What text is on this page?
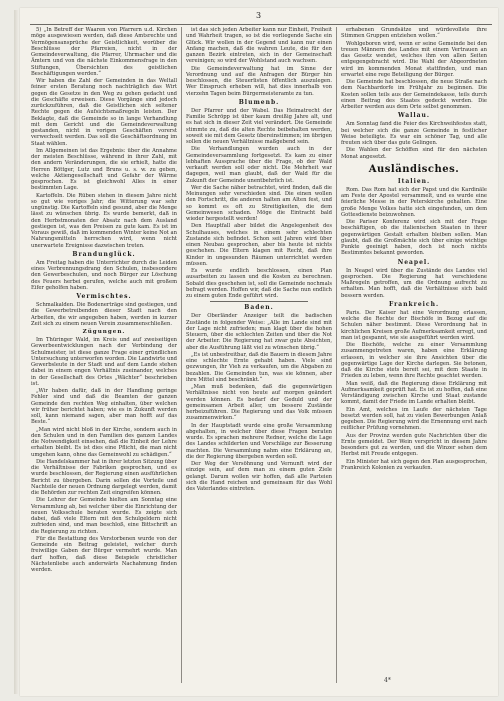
3

5) „In Betreff der Waaren von Pfarrern u.d. Kirchen möge ausgewiesen werden, daß diese Amtsrechte und Vermögensansprüche der Geistlichkeit, worüber die Beschlüsse der Pfarreien, nicht in der Gemeindeverwaltung, die Pfarrer, Uhrmacher und die Ämtern und von die nächste Einkommensfrage in den Stiftungen, Übersichten des geistlichen Beschäftigungen werden.“

Wir haben die Zahl der Gemeinden in das Weltall feiner ersten Beratung noch nachträglich das Wirt gegen die Gesetze in den Weg zu gehen gedacht und die Geschäfte erweisen. Diese Vorgänge sind jedoch zurückzuführen, daß die Geistlichen sich seltener Rechte gegen die Aufsichtsmaßregeln leisten. Der Beklagte, daß die Gemeinde so in lange Verhandlung mit dem Gericht und die Gemeindeverwaltung gestanden, nicht in vorigen Geschäften vorerst verwechselt werden. Das soll die Geschäftsordnung im Staat wählen.

Im Allgemeinen ist das Ergebnis: über die Annahme der meisten Beschlüsse, während in ihrer Zahl, mit den andern Veränderungen, die sie erhielt, hatte die Herren Böttger, Lutz und Bruns u. s. w. zu geben, welche Aktiengesellschaft und Gefahr der Wärme gesprochen. Es ist gleichwohl Alles in einer bestimmten Lage.

Kartoffeln. Die Rüben stehen in diesem Jahre nicht so gut wie voriges Jahr; die Witterung war sehr ungünstig. Die Kartoffeln sind gesund, aber die Menge lässt zu wünschen übrig. Es wurde bemerkt, daß in den Herbstmonaten der Absatz nach dem Ausland gestiegen ist, was den Preisen zu gute kam. Es ist im Voraus gewiß, daß im kommenden Winter keine Not an Nahrungsmitteln herrschen wird, wenn nicht unerwartete Ereignisse dazwischen treten.

Brandunglück.

Am Freitag haben die Unterrichter durch die Leiden eines Verbrennungsdrang den Schulen, insbesondere den Gewerbeschulen, und noch Bürger zur Löschung des Feuers herbei gerufen, welche auch mit großem Eifer geholfen haben.

Vermischtes.

Schmalkalden. Die Bodenerträge sind gestiegen, und die Gewerbetreibenden dieser Stadt nach den Arbeiten, die wir angegeben haben, werden in kurzer Zeit sich zu einem neuen Verein zusammenschließen.

Zügungen.

Im Thüringer Wald, im Kreis und auf zweiseitigen Gewerbeentwicklungen nach der Verbindung der Schulmeister, ist diese ganze Frage einer gründlichen Untersuchung unterworfen worden. Die Landwirte und Gewerbsleute in der Stadt und auf dem Lande stehen dabei in einem engen Verhältnis zueinander, welches in der Gesellschaft des Ortes „Wächter“ beschrieben ist.

„Wir haben dafür, daß in der Handlung geringe Fehler sind und daß die Beamten der ganzen Gemeinde den rechten Weg einhalten, über welchen wir früher berichtet haben; wie es in Zukunft werden soll, kann niemand sagen, aber man hofft auf das Beste.“

„Man wird nicht bloß in der Kirche, sondern auch in den Schulen und in den Familien des ganzen Landes die Notwendigkeit einsehen, daß die Einheit der Lehre erhalten bleibt. Es ist dies eine Pflicht, die man nicht umgehen kann, ohne das Gemeinwohl zu schädigen.“

Die Handelskammer hat in ihrer letzten Sitzung über die Verhältnisse der Fabriken gesprochen, und es wurde beschlossen, der Regierung einen ausführlichen Bericht zu übergeben. Darin sollen die Vorteile und Nachteile der neuen Ordnung dargelegt werden, damit die Behörden zur rechten Zeit eingreifen können.

Die Lehrer der Gemeinde hielten am Sonntag eine Versammlung ab, bei welcher über die Einrichtung der neuen Volksschule beraten wurde. Es zeigte sich dabei, daß viele Eltern mit den Schulgeldern nicht zufrieden sind, und man beschloß, eine Bittschrift an die Regierung zu richten.

Für die Bestattung des Verstorbenen wurde von der Gemeinde ein Beitrag geleistet, welcher durch freiwillige Gaben der Bürger vermehrt wurde. Man darf hoffen, daß diese Beispiele christlicher Nächstenliebe auch anderwärts Nachahmung finden werden.

ist das sich jeden Arbeiter kann nur Einheit, Freiheit und Wahrheit tragen, so ist die vorliegende Sache ein Glück. Wir wollen in der Gegend und kann nur einen Anfang machen, daß die wahren Leute, die für den ganzen Bezirk eintreten, sich in der Gemeinschaft vereinigen; so wird der Wohlstand auch wachsen.

Die Gemeindeverwaltung hat im Sinne der Verordnung und auf die Anfragen der Bürger hin beschlossen, die Steuerlisten öffentlich auszulegen. Wer Einspruch erheben will, hat dies innerhalb von vierzehn Tagen beim Bürgermeisteramte zu tun.

Blumenb.

Der Pfarrer und der Wabel. Das Heimatrecht der Familie Schröpp ist über kaum dreißig Jahre alt, und es hat sich in dieser Zeit viel verändert. Die Gemeinde stimmte zu, daß die alten Rechte beibehalten werden, soweit sie mit dem Gesetz übereinstimmen; im übrigen sollen die neuen Verhältnisse maßgebend sein.

Die Verhandlungen wurden auch in der Gemeindeversammlung fortgesetzt. Es kam zu einer lebhaften Aussprache über die Frage, ob der Wald verkauft werden soll oder nicht. Die Mehrheit war dagegen, weil man glaubt, daß der Wald für die Zukunft der Gemeinde unentbehrlich ist.

Wer die Sache näher betrachtet, wird finden, daß die Meinungen sehr verschieden sind. Die einen wollen den Fortschritt, die anderen halten am Alten fest, und so kommt es oft zu Streitigkeiten, die dem Gemeinwesen schaden. Möge die Eintracht bald wieder hergestellt werden!

Den Hauptfall aber bildet die Angelegenheit des Schulhauses, welches in einem sehr schlechten Zustande sich befindet. Schon seit Jahren wird über einen Neubau gesprochen, aber bis heute ist nichts geschehen. Die Eltern klagen mit Recht, daß ihre Kinder in ungesunden Räumen unterrichtet werden müssen.

Es wurde endlich beschlossen, einen Plan ausarbeiten zu lassen und die Kosten zu berechnen. Sobald dies geschehen ist, soll die Gemeinde nochmals befragt werden. Hoffen wir, daß die Sache nun endlich zu einem guten Ende geführt wird.

Baden.

Der Oberländer Anzeiger teilt die badischen Zustände in folgender Weise: „Alle im Lande sind mit der Lage nicht zufrieden; man klagt über die hohen Steuern, über die schlechten Zeiten und über die Not der Arbeiter. Die Regierung hat zwar gute Absichten, aber die Ausführung läßt viel zu wünschen übrig.“

„Es ist unbestreitbar, daß die Bauern in diesem Jahre eine schlechte Ernte gehabt haben. Viele sind gezwungen, ihr Vieh zu verkaufen, um die Abgaben zu bezahlen. Die Gemeinden tun, was sie können, aber ihre Mittel sind beschränkt.“

„Man muß bedenken, daß die gegenwärtigen Verhältnisse nicht von heute auf morgen geändert werden können. Es bedarf der Geduld und der gemeinsamen Arbeit aller, um bessere Zustände herbeizuführen. Die Regierung und das Volk müssen zusammenwirken.“

In der Hauptstadt wurde eine große Versammlung abgehalten, in welcher über diese Fragen beraten wurde. Es sprachen mehrere Redner, welche die Lage des Landes schilderten und Vorschläge zur Besserung machten. Die Versammlung nahm eine Erklärung an, die der Regierung übergeben werden soll.

Der Weg der Versöhnung und Vernunft wird der einzige sein, auf dem man zu einem guten Ziele gelangt. Darum wollen wir hoffen, daß alle Parteien sich die Hand reichen und gemeinsam für das Wohl des Vaterlandes eintreten.

erhabenen Grundsätze und würdevollste ihre Stimmen Gruppen entziehen wollen.“

Wohlgeboren wird, wenn er seine Gemeinde bei den treuen Männern des Landes mit einem Vertrauen an das Gesetz wendet, welches ihm von allen Seiten entgegengebracht wird. Die Wahl der Abgeordneten wird im kommenden Monat stattfinden, und man erwartet eine rege Beteiligung der Bürger.

Die Gemeinde hat beschlossen, die neue Straße nach dem Nachbardorfe im Frühjahr zu beginnen. Die Kosten sollen teils aus der Gemeindekasse, teils durch einen Beitrag des Staates gedeckt werden. Die Arbeiter werden aus dem Orte selbst genommen.

Wallau.

Am Sonntag fand die Feier des Kirchweihfestes statt, bei welcher sich die ganze Gemeinde in festlicher Weise beteiligte. Es war ein schöner Tag, und alle freuten sich über das gute Gelingen.

Die Wahlen der Schöffen sind für den nächsten Monat angesetzt.

Ausländisches.
Italien.

Rom. Das Rom hat sich der Papst und die Kardinäle am Feste der Apostel versammelt, und es wurde eine feierliche Messe in der Peterskirche gehalten. Eine große Menge Volkes hatte sich eingefunden, um dem Gottesdienste beizuwohnen.

Die Pariser Konferenz wird sich mit der Frage beschäftigen, ob die italienischen Staaten in ihrer gegenwärtigen Gestalt erhalten bleiben sollen. Man glaubt, daß die Großmächte sich über einige wichtige Punkte geeinigt haben, doch ist noch nichts Bestimmtes bekannt geworden.

Neapel.

In Neapel wird über die Zustände des Landes viel gesprochen. Die Regierung hat verschiedene Maßregeln getroffen, um die Ordnung aufrecht zu erhalten. Man hofft, daß die Verhältnisse sich bald bessern werden.

Frankreich.

Paris. Der Kaiser hat eine Verordnung erlassen, welche die Rechte der Bischöfe in Bezug auf die Schulen näher bestimmt. Diese Verordnung hat in kirchlichen Kreisen große Aufmerksamkeit erregt, und man ist gespannt, wie sie ausgeführt werden wird.

Die Bischöfe, welche zu einer Versammlung zusammengetreten waren, haben eine Erklärung erlassen, in welcher sie ihre Ansichten über die gegenwärtige Lage der Kirche darlegen. Sie betonen, daß die Kirche stets bereit sei, mit dem Staate in Frieden zu leben, wenn ihre Rechte geachtet werden.

Man weiß, daß die Regierung diese Erklärung mit Aufmerksamkeit geprüft hat. Es ist zu hoffen, daß eine Verständigung zwischen Kirche und Staat zustande kommt, damit der Friede im Lande erhalten bleibt.

Ein Amt, welches im Laufe der nächsten Tage besetzt werden soll, hat zu vielen Bewerbungen Anlaß gegeben. Die Regierung wird die Ernennung erst nach reiflicher Prüfung vornehmen.

Aus der Provinz werden gute Nachrichten über die Ernte gemeldet. Der Wein verspricht in diesem Jahre besonders gut zu werden, und die Winzer sehen dem Herbst mit Freude entgegen.

Ein Minister hat sich gegen den Plan ausgesprochen, Frankreich Kolonien zu verkaufen.

4*
